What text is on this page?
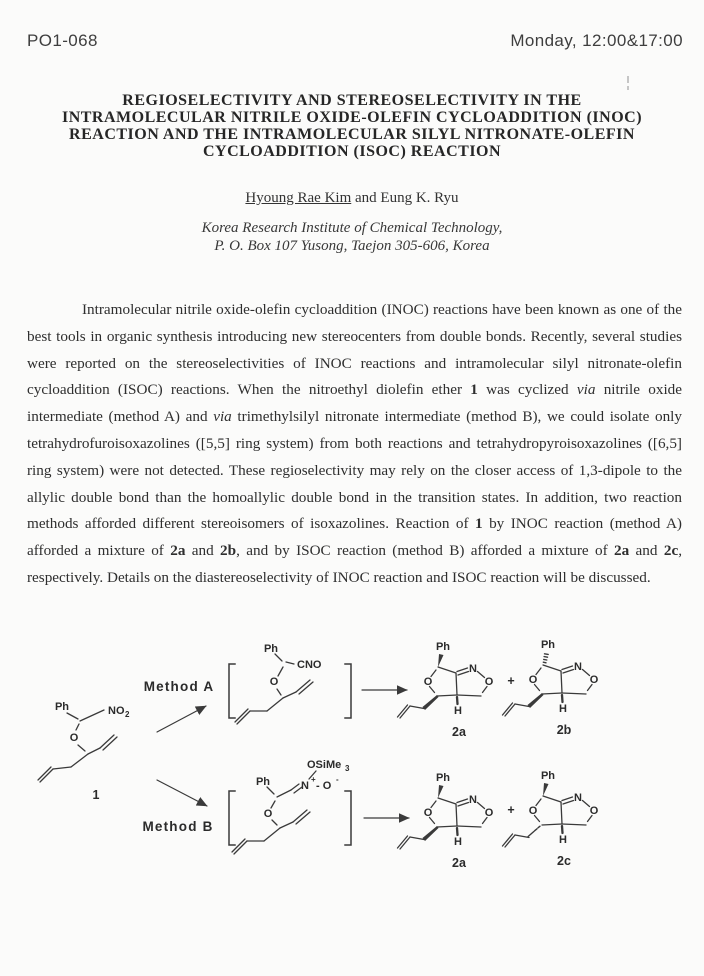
PO1-068	Monday, 12:00&17:00
REGIOSELECTIVITY AND STEREOSELECTIVITY IN THE
INTRAMOLECULAR NITRILE OXIDE-OLEFIN CYCLOADDITION (INOC)
REACTION AND THE INTRAMOLECULAR SILYL NITRONATE-OLEFIN
CYCLOADDITION (ISOC) REACTION
Hyoung Rae Kim and Eung K. Ryu
Korea Research Institute of Chemical Technology,
P. O. Box 107 Yusong, Taejon 305-606, Korea
Intramolecular nitrile oxide-olefin cycloaddition (INOC) reactions have been known as one of the best tools in organic synthesis introducing new stereocenters from double bonds. Recently, several studies were reported on the stereoselectivities of INOC reactions and intramolecular silyl nitronate-olefin cycloaddition (ISOC) reactions. When the nitroethyl diolefin ether 1 was cyclized via nitrile oxide intermediate (method A) and via trimethylsilyl nitronate intermediate (method B), we could isolate only tetrahydrofuroisoxazolines ([5,5] ring system) from both reactions and tetrahydropyroisoxazolines ([6,5] ring system) were not detected. These regioselectivity may rely on the closer access of 1,3-dipole to the allylic double bond than the homoallylic double bond in the transition states. In addition, two reaction methods afforded different stereoisomers of isoxazolines. Reaction of 1 by INOC reaction (method A) afforded a mixture of 2a and 2b, and by ISOC reaction (method B) afforded a mixture of 2a and 2c, respectively. Details on the diastereoselectivity of INOC reaction and ISOC reaction will be discussed.
Ph	NO 2
O
1
Method A
Method B
Ph
CNO
O
OSiMe 3
N
+
- O
-
Ph
O
Ph
O
N
O
H
2a
+
Ph
O
N
O
H
2b
Ph
O
N
O
H
2a
+
Ph
O
N
O
H
2c
